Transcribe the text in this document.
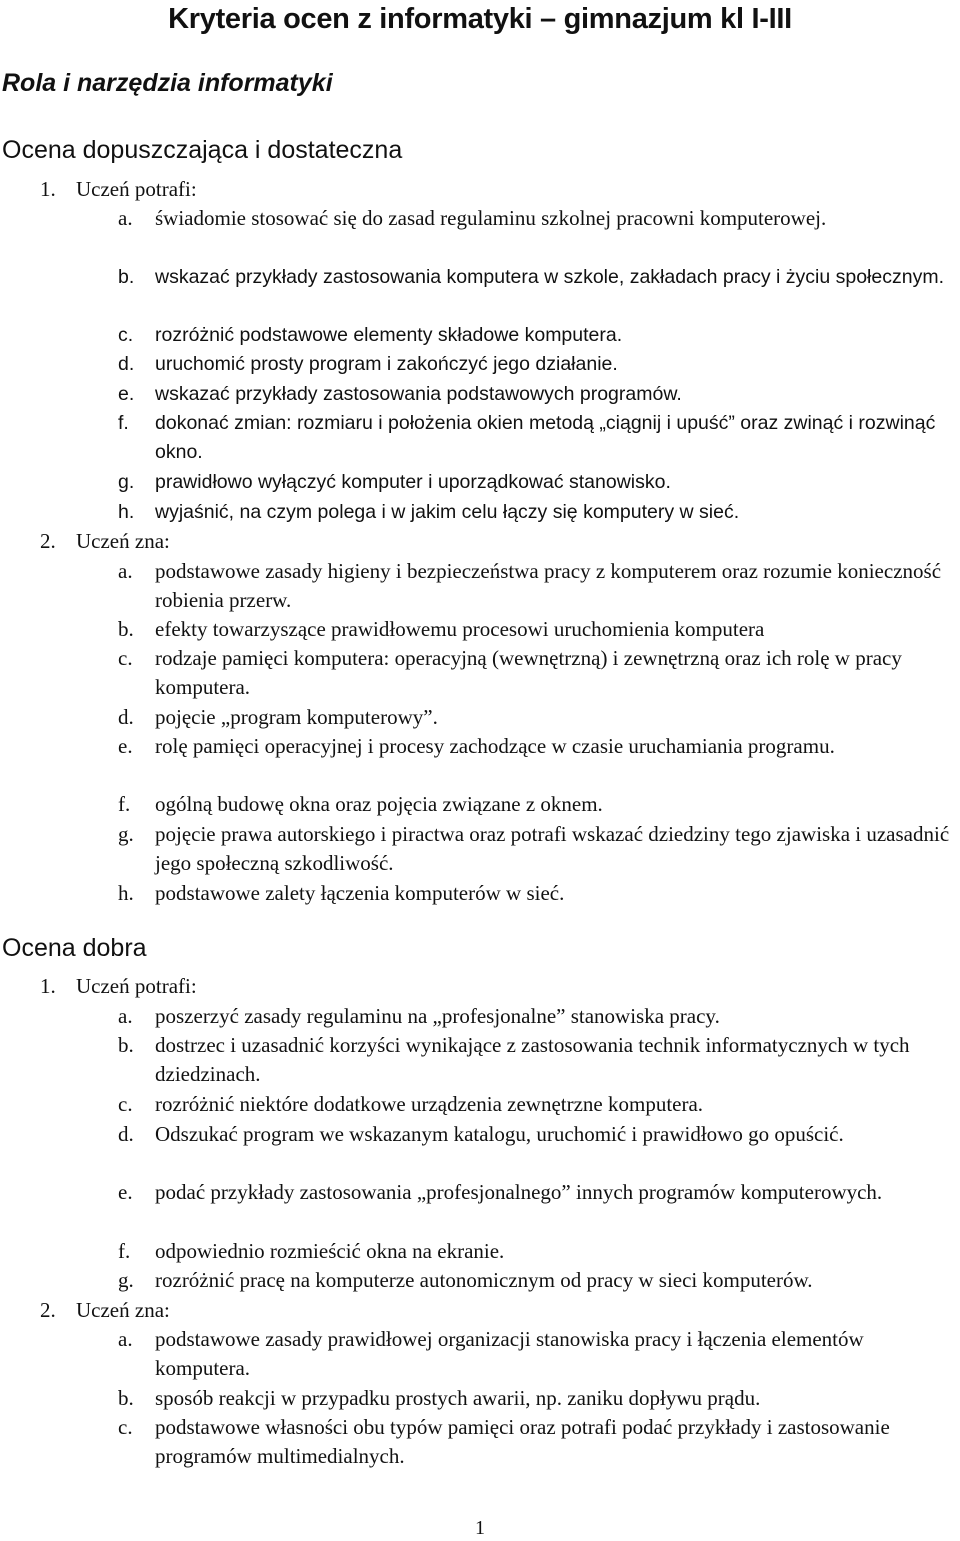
Kryteria ocen z informatyki – gimnazjum kl I-III
Rola i narzędzia informatyki
Ocena dopuszczająca i dostateczna

1. Uczeń potrafi:

a.	świadomie stosować się do zasad regulaminu szkolnej pracowni komputerowej.
b.	wskazać przykłady zastosowania komputera w szkole, zakładach pracy i życiu społecznym.
c.	rozróżnić podstawowe elementy składowe komputera.
d.	uruchomić prosty program i zakończyć jego działanie.
e.	wskazać przykłady zastosowania podstawowych programów.
f.	dokonać zmian: rozmiaru i położenia okien metodą „ciągnij i upuść” oraz zwinąć i rozwinąć okno.
g.	prawidłowo wyłączyć komputer i uporządkować stanowisko.
h.	wyjaśnić, na czym polega i w jakim celu łączy się komputery w sieć.

2. Uczeń zna:

a.	podstawowe zasady higieny i bezpieczeństwa pracy z komputerem oraz rozumie konieczność robienia przerw.
b.	efekty towarzyszące prawidłowemu procesowi uruchomienia komputera
c.	rodzaje pamięci komputera: operacyjną (wewnętrzną) i zewnętrzną oraz ich rolę w pracy komputera.
d.	pojęcie „program komputerowy”.
e.	rolę pamięci operacyjnej i procesy zachodzące w czasie uruchamiania programu.
f.	ogólną budowę okna oraz pojęcia związane z oknem.
g.	pojęcie prawa autorskiego i piractwa oraz potrafi wskazać dziedziny tego zjawiska i uzasadnić jego społeczną szkodliwość.
h.	podstawowe zalety łączenia komputerów w sieć.
Ocena dobra

1. Uczeń potrafi:

a.	poszerzyć zasady regulaminu na „profesjonalne” stanowiska pracy.
b.	dostrzec i uzasadnić korzyści wynikające z zastosowania technik informatycznych w tych dziedzinach.
c.	rozróżnić niektóre dodatkowe urządzenia zewnętrzne komputera.
d.	Odszukać program we wskazanym katalogu, uruchomić i prawidłowo go opuścić.
e.	podać przykłady zastosowania „profesjonalnego” innych programów komputerowych.
f.	odpowiednio rozmieścić okna na ekranie.
g.	rozróżnić pracę na komputerze autonomicznym od pracy w sieci komputerów.

2. Uczeń zna:

a.	podstawowe zasady prawidłowej organizacji stanowiska pracy i łączenia elementów komputera.
b.	sposób reakcji w przypadku prostych awarii, np. zaniku dopływu prądu.
c.	podstawowe własności obu typów pamięci oraz potrafi podać przykłady i zastosowanie programów multimedialnych.

1
